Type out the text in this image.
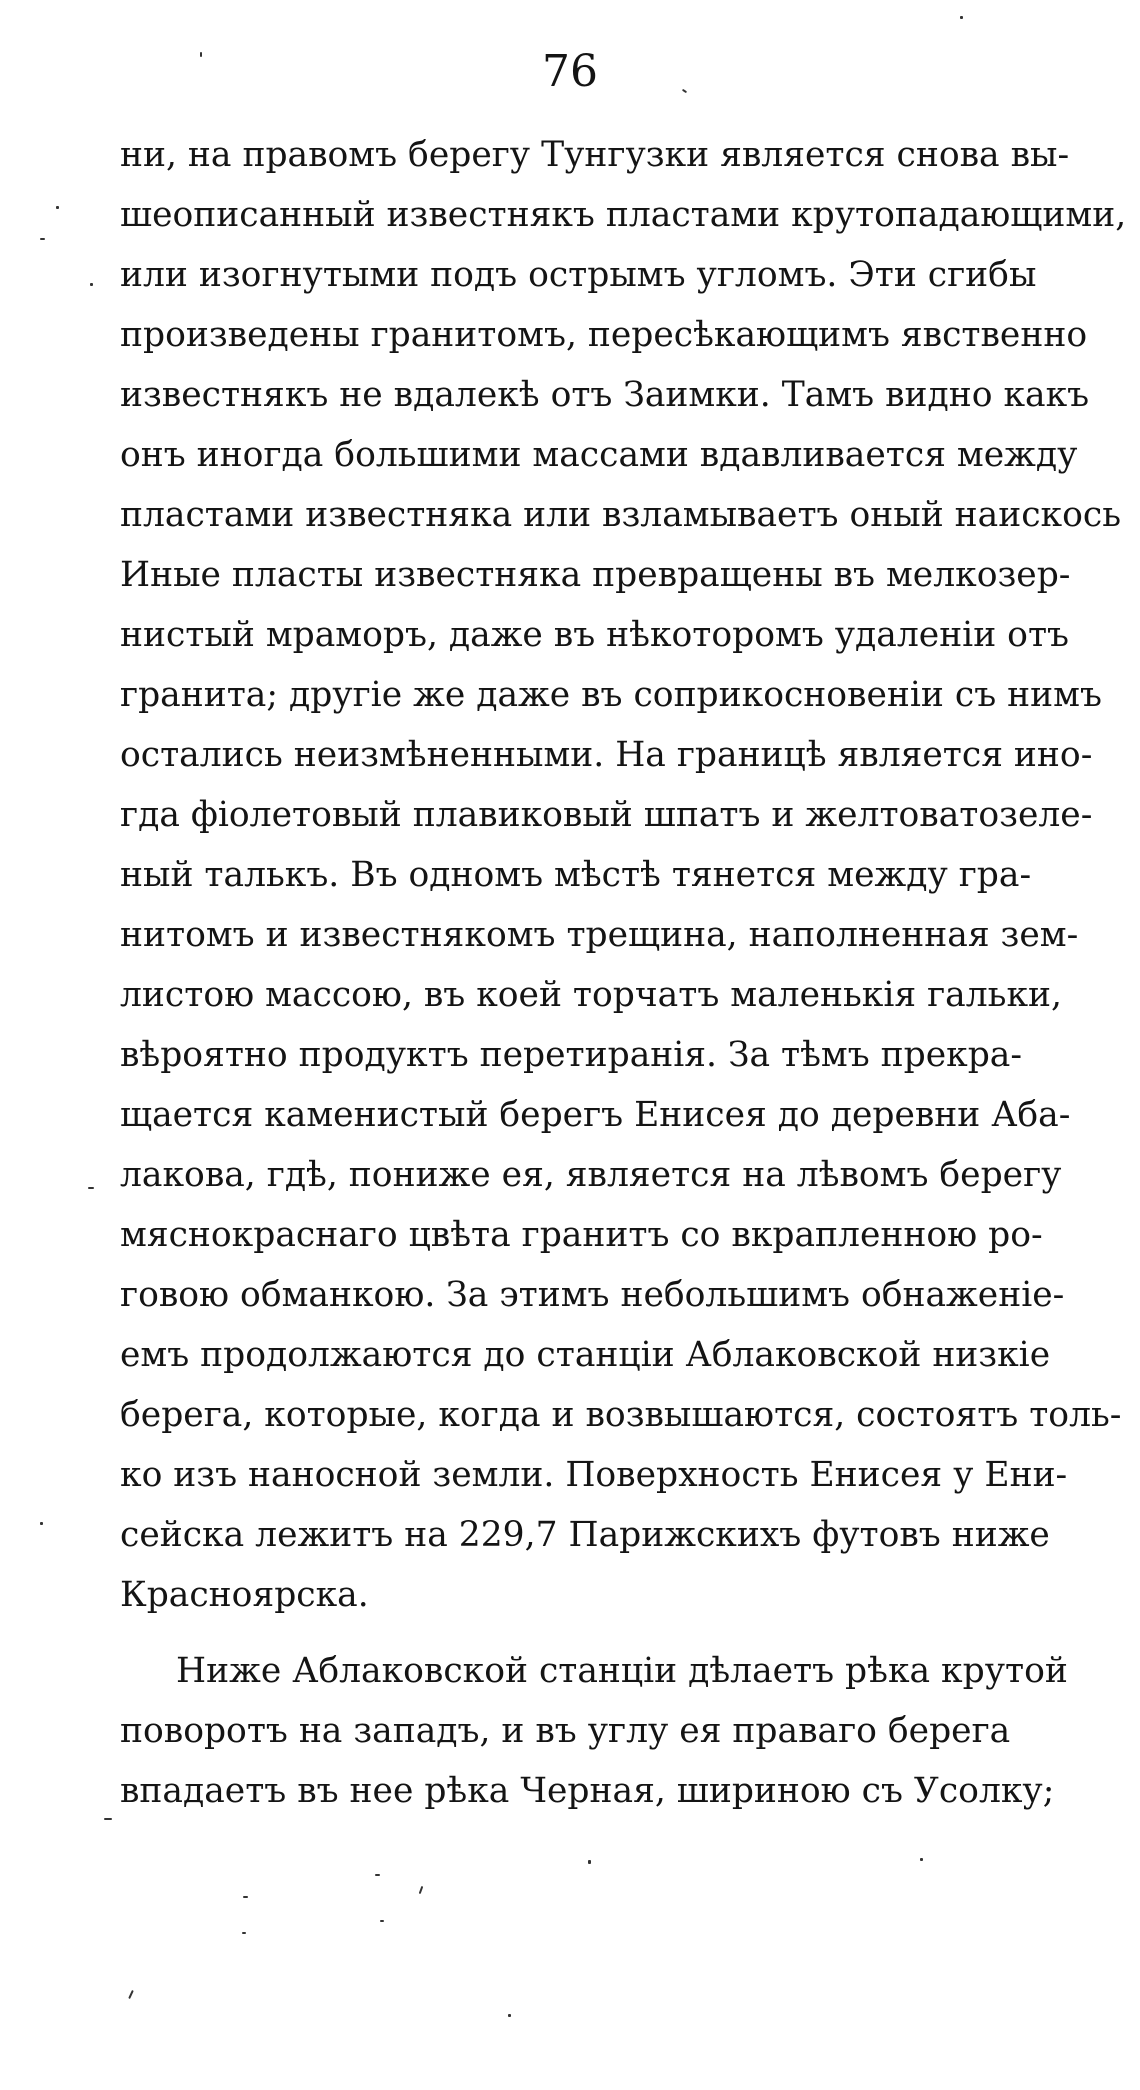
76
ни, на правомъ берегу Тунгузки является снова вы-
шеописанный известнякъ пластами крутопадающими,
или изогнутыми подъ острымъ угломъ. Эти сгибы
произведены гранитомъ, пересѣкающимъ явственно
известнякъ не вдалекѣ отъ Заимки. Тамъ видно какъ
онъ иногда большими массами вдавливается между
пластами известняка или взламываетъ оный наискось
Иные пласты известняка превращены въ мелкозер-
нистый мраморъ, даже въ нѣкоторомъ удаленіи отъ
гранита; другіе же даже въ соприкосновеніи съ нимъ
остались неизмѣненными. На границѣ является ино-
гда фіолетовый плавиковый шпатъ и желтоватозеле-
ный талькъ. Въ одномъ мѣстѣ тянется между гра-
нитомъ и известнякомъ трещина, наполненная зем-
листою массою, въ коей торчатъ маленькія гальки,
вѣроятно продуктъ перетиранія. За тѣмъ прекра-
щается каменистый берегъ Енисея до деревни Аба-
лакова, гдѣ, пониже ея, является на лѣвомъ берегу
мяснокраснаго цвѣта гранитъ со вкрапленною ро-
говою обманкою. За этимъ небольшимъ обнаженіе-
емъ продолжаются до станціи Аблаковской низкіе
берега, которые, когда и возвышаются, состоятъ толь-
ко изъ наносной земли. Поверхность Енисея у Ени-
сейска лежитъ на 229,7 Парижскихъ футовъ ниже
Красноярска.
Ниже Аблаковской станціи дѣлаетъ рѣка крутой
поворотъ на западъ, и въ углу ея праваго берега
впадаетъ въ нее рѣка Черная, шириною съ Усолку;
